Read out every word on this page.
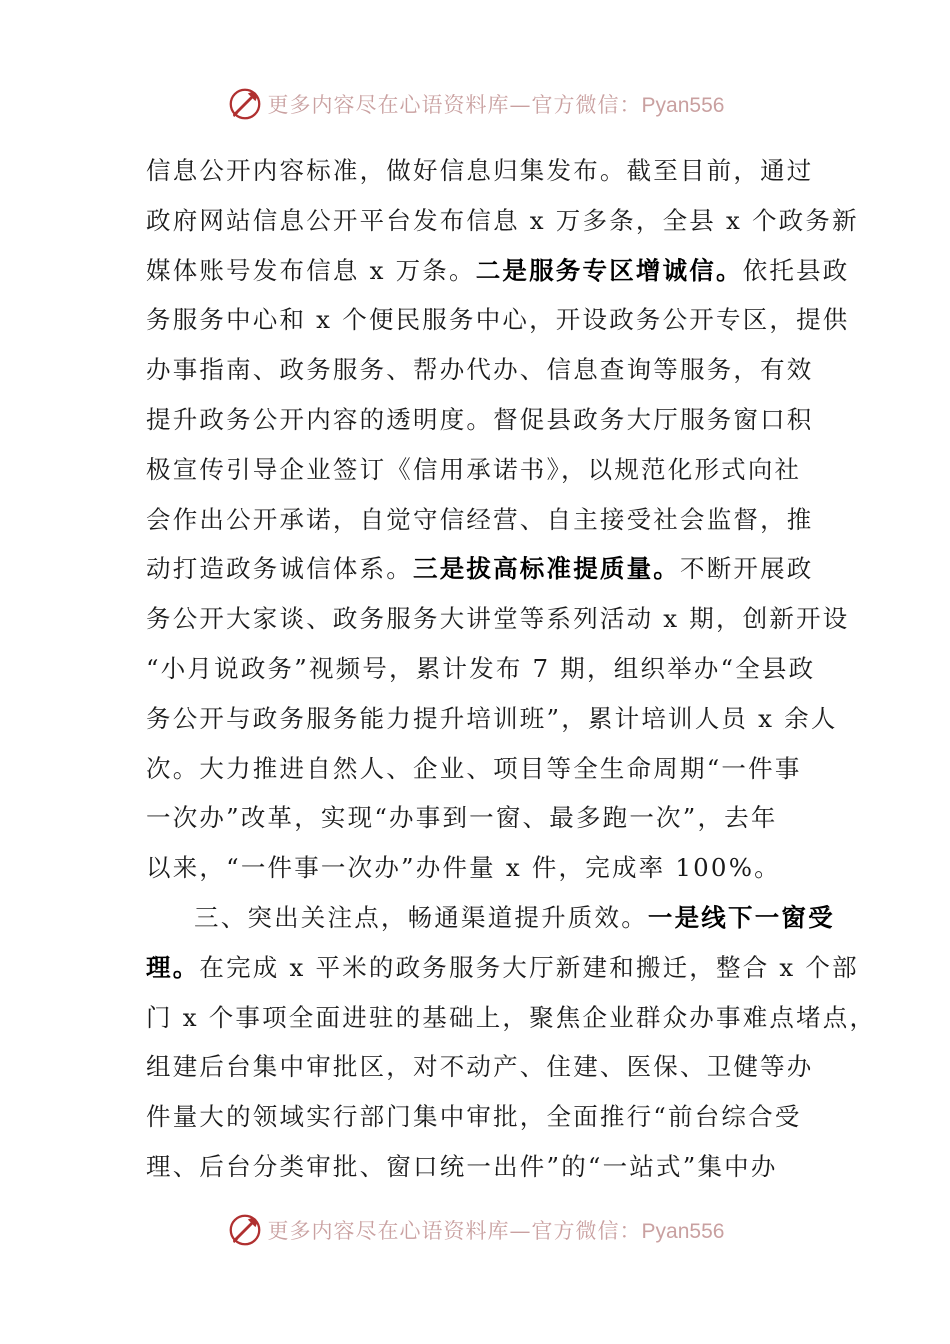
更多内容尽在心语资料库—官方微信：Pyan556
信息公开内容标准，做好信息归集发布。截至目前，通过
政府网站信息公开平台发布信息 x 万多条，全县 x 个政务新
媒体账号发布信息 x 万条。二是服务专区增诚信。依托县政
务服务中心和 x 个便民服务中心，开设政务公开专区，提供
办事指南、政务服务、帮办代办、信息查询等服务，有效
提升政务公开内容的透明度。督促县政务大厅服务窗口积
极宣传引导企业签订《信用承诺书》，以规范化形式向社
会作出公开承诺，自觉守信经营、自主接受社会监督，推
动打造政务诚信体系。三是拔高标准提质量。不断开展政
务公开大家谈、政务服务大讲堂等系列活动 x 期，创新开设
“小月说政务”视频号，累计发布 7 期，组织举办“全县政
务公开与政务服务能力提升培训班”，累计培训人员 x 余人
次。大力推进自然人、企业、项目等全生命周期“一件事
一次办”改革，实现“办事到一窗、最多跑一次”，去年
以来，“一件事一次办”办件量 x 件，完成率 100%。
三、突出关注点，畅通渠道提升质效。一是线下一窗受
理。在完成 x 平米的政务服务大厅新建和搬迁，整合 x 个部
门 x 个事项全面进驻的基础上，聚焦企业群众办事难点堵点，
组建后台集中审批区，对不动产、住建、医保、卫健等办
件量大的领域实行部门集中审批，全面推行“前台综合受
理、后台分类审批、窗口统一出件”的“一站式”集中办
更多内容尽在心语资料库—官方微信：Pyan556
